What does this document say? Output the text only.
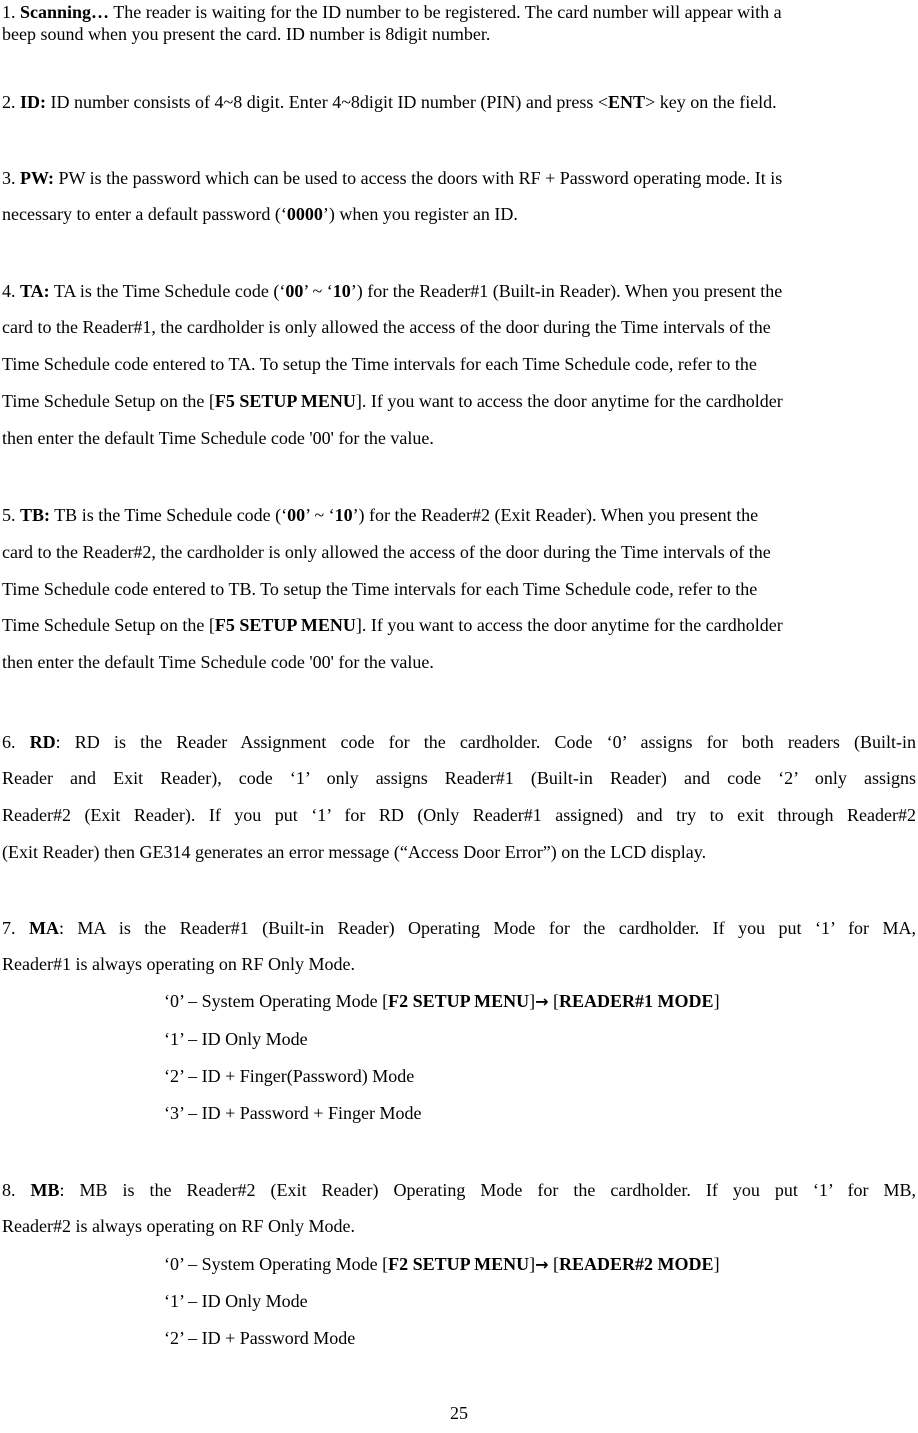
1. Scanning… The reader is waiting for the ID number to be registered. The card number will appear with a
beep sound when you present the card. ID number is 8digit number.
2. ID: ID number consists of 4~8 digit. Enter 4~8digit ID number (PIN) and press <ENT> key on the field.
3. PW: PW is the password which can be used to access the doors with RF + Password operating mode. It is
necessary to enter a default password (‘0000’) when you register an ID.
4. TA: TA is the Time Schedule code (‘00’ ~ ‘10’) for the Reader#1 (Built-in Reader). When you present the
card to the Reader#1, the cardholder is only allowed the access of the door during the Time intervals of the
Time Schedule code entered to TA. To setup the Time intervals for each Time Schedule code, refer to the
Time Schedule Setup on the [F5 SETUP MENU]. If you want to access the door anytime for the cardholder
then enter the default Time Schedule code '00' for the value.
5. TB: TB is the Time Schedule code (‘00’ ~ ‘10’) for the Reader#2 (Exit Reader). When you present the
card to the Reader#2, the cardholder is only allowed the access of the door during the Time intervals of the
Time Schedule code entered to TB. To setup the Time intervals for each Time Schedule code, refer to the
Time Schedule Setup on the [F5 SETUP MENU]. If you want to access the door anytime for the cardholder
then enter the default Time Schedule code '00' for the value.
6. RD: RD is the Reader Assignment code for the cardholder. Code ‘0’ assigns for both readers (Built-in
Reader and Exit Reader), code ‘1’ only assigns Reader#1 (Built-in Reader) and code ‘2’ only assigns
Reader#2 (Exit Reader). If you put ‘1’ for RD (Only Reader#1 assigned) and try to exit through Reader#2
(Exit Reader) then GE314 generates an error message (“Access Door Error”) on the LCD display.
7. MA: MA is the Reader#1 (Built-in Reader) Operating Mode for the cardholder. If you put ‘1’ for MA,
Reader#1 is always operating on RF Only Mode.
‘0’ – System Operating Mode [F2 SETUP MENU]→ [READER#1 MODE]
‘1’ – ID Only Mode
‘2’ – ID + Finger(Password) Mode
‘3’ – ID + Password + Finger Mode
8. MB: MB is the Reader#2 (Exit Reader) Operating Mode for the cardholder. If you put ‘1’ for MB,
Reader#2 is always operating on RF Only Mode.
‘0’ – System Operating Mode [F2 SETUP MENU]→ [READER#2 MODE]
‘1’ – ID Only Mode
‘2’ – ID + Password Mode
25
